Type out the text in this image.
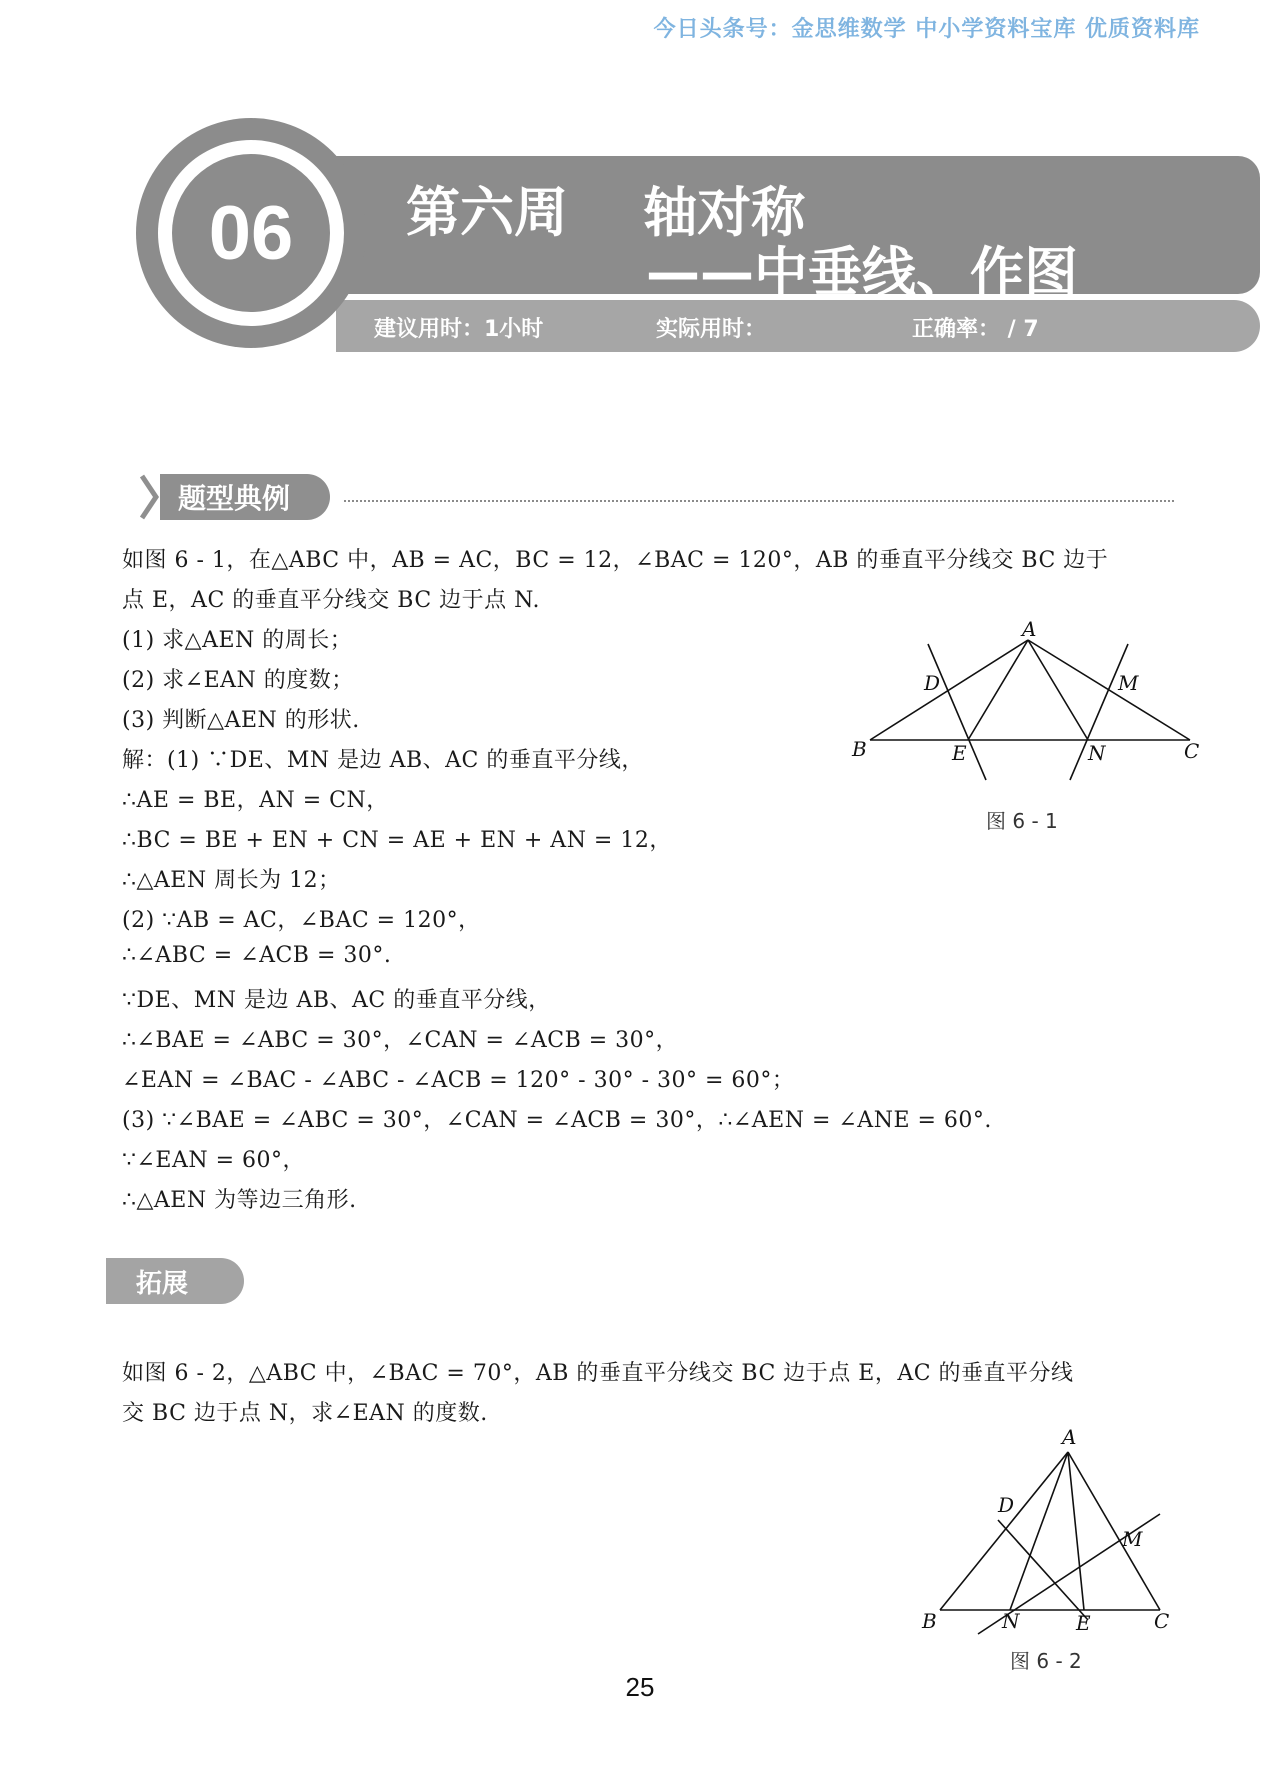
今日头条号：金思维数学 中小学资料宝库 优质资料库
06	第六周    轴对称
——中垂线、作图
建议用时：1小时	实际用时：	正确率： / 7
题型典例
如图 6 - 1，在△ABC 中，AB = AC，BC = 12，∠BAC = 120°，AB 的垂直平分线交 BC 边于
点 E，AC 的垂直平分线交 BC 边于点 N.
(1) 求△AEN 的周长；
(2) 求∠EAN 的度数；
(3) 判断△AEN 的形状.
解：(1) ∵DE、MN 是边 AB、AC 的垂直平分线，
∴AE = BE，AN = CN，
∴BC = BE + EN + CN = AE + EN + AN = 12，
∴△AEN 周长为 12；
(2) ∵AB = AC，∠BAC = 120°，
∴∠ABC = ∠ACB = 30°.
∵DE、MN 是边 AB、AC 的垂直平分线，
∴∠BAE = ∠ABC = 30°，∠CAN = ∠ACB = 30°，
∠EAN = ∠BAC - ∠ABC - ∠ACB = 120° - 30° - 30° = 60°；
(3) ∵∠BAE = ∠ABC = 30°，∠CAN = ∠ACB = 30°，∴∠AEN = ∠ANE = 60°.
∵∠EAN = 60°，
∴△AEN 为等边三角形.
A
B	C
D
E
M
N
图 6 - 1
拓展
如图 6 - 2，△ABC 中，∠BAC = 70°，AB 的垂直平分线交 BC 边于点 E，AC 的垂直平分线
交 BC 边于点 N，求∠EAN 的度数.
A
B	C
D
E
M
N
图 6 - 2
25
